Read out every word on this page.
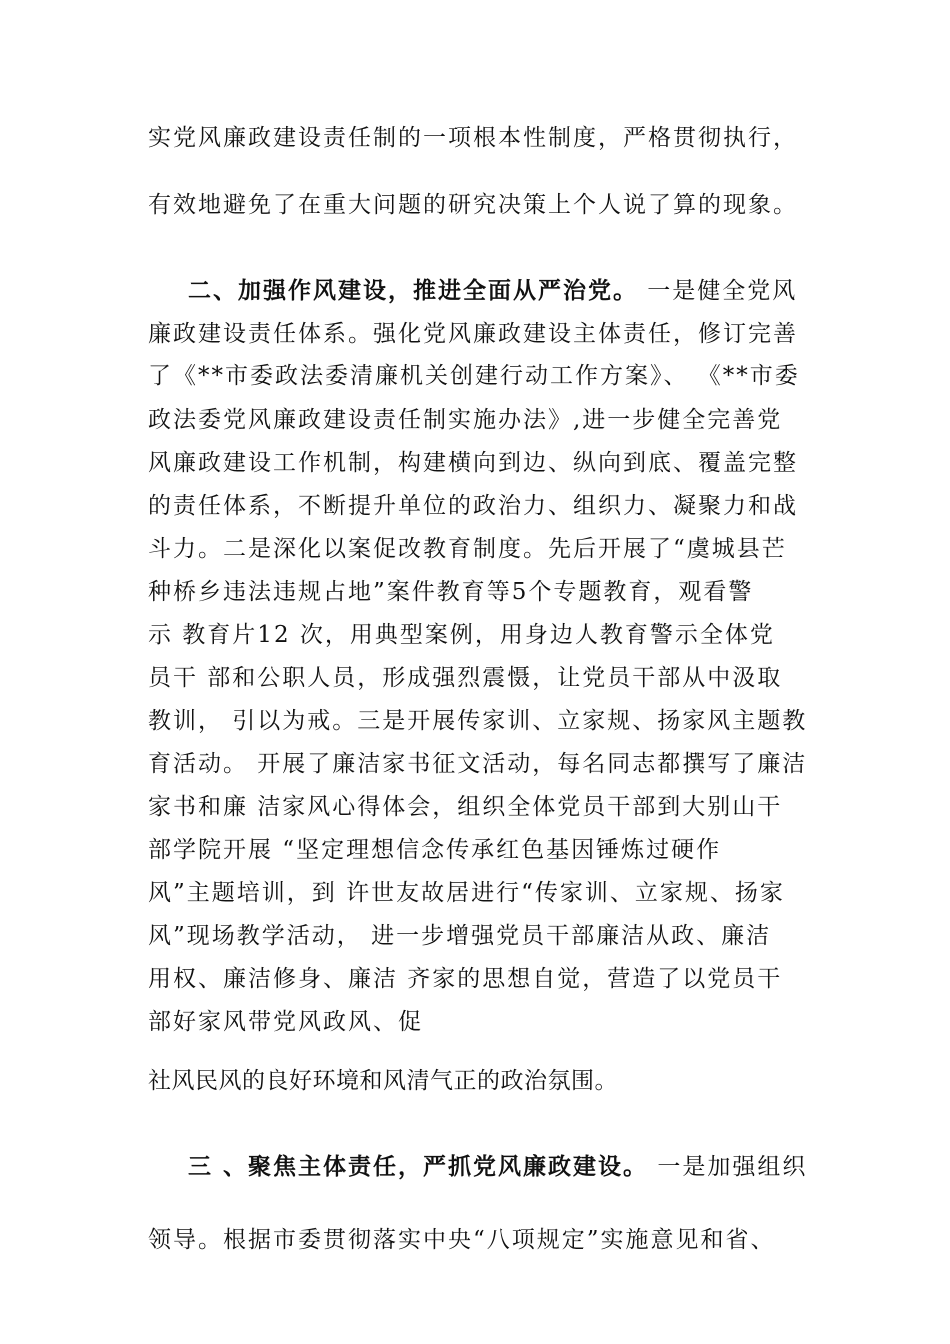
实党风廉政建设责任制的一项根本性制度，严格贯彻执行，
有效地避免了在重大问题的研究决策上个人说了算的现象。
二、加强作风建设，推进全面从严治党。 一是健全党风
廉政建设责任体系。强化党风廉政建设主体责任，修订完善
了《**市委政法委清廉机关创建行动工作方案》、 《**市委
政法委党风廉政建设责任制实施办法》,进一步健全完善党
风廉政建设工作机制，构建横向到边、纵向到底、覆盖完整
的责任体系，不断提升单位的政治力、组织力、凝聚力和战
斗力。二是深化以案促改教育制度。先后开展了“虞城县芒
种桥乡违法违规占地”案件教育等5个专题教育，观看警
示 教育片12 次，用典型案例，用身边人教育警示全体党
员干 部和公职人员，形成强烈震慑，让党员干部从中汲取
教训， 引以为戒。三是开展传家训、立家规、扬家风主题教
育活动。 开展了廉洁家书征文活动，每名同志都撰写了廉洁
家书和廉 洁家风心得体会，组织全体党员干部到大别山干
部学院开展 “坚定理想信念传承红色基因锤炼过硬作
风”主题培训，到 许世友故居进行“传家训、立家规、扬家
风”现场教学活动， 进一步增强党员干部廉洁从政、廉洁
用权、廉洁修身、廉洁 齐家的思想自觉，营造了以党员干
部好家风带党风政风、促
社风民风的良好环境和风清气正的政治氛围。
三 、聚焦主体责任，严抓党风廉政建设。 一是加强组织
领导。根据市委贯彻落实中央“八项规定”实施意见和省、
